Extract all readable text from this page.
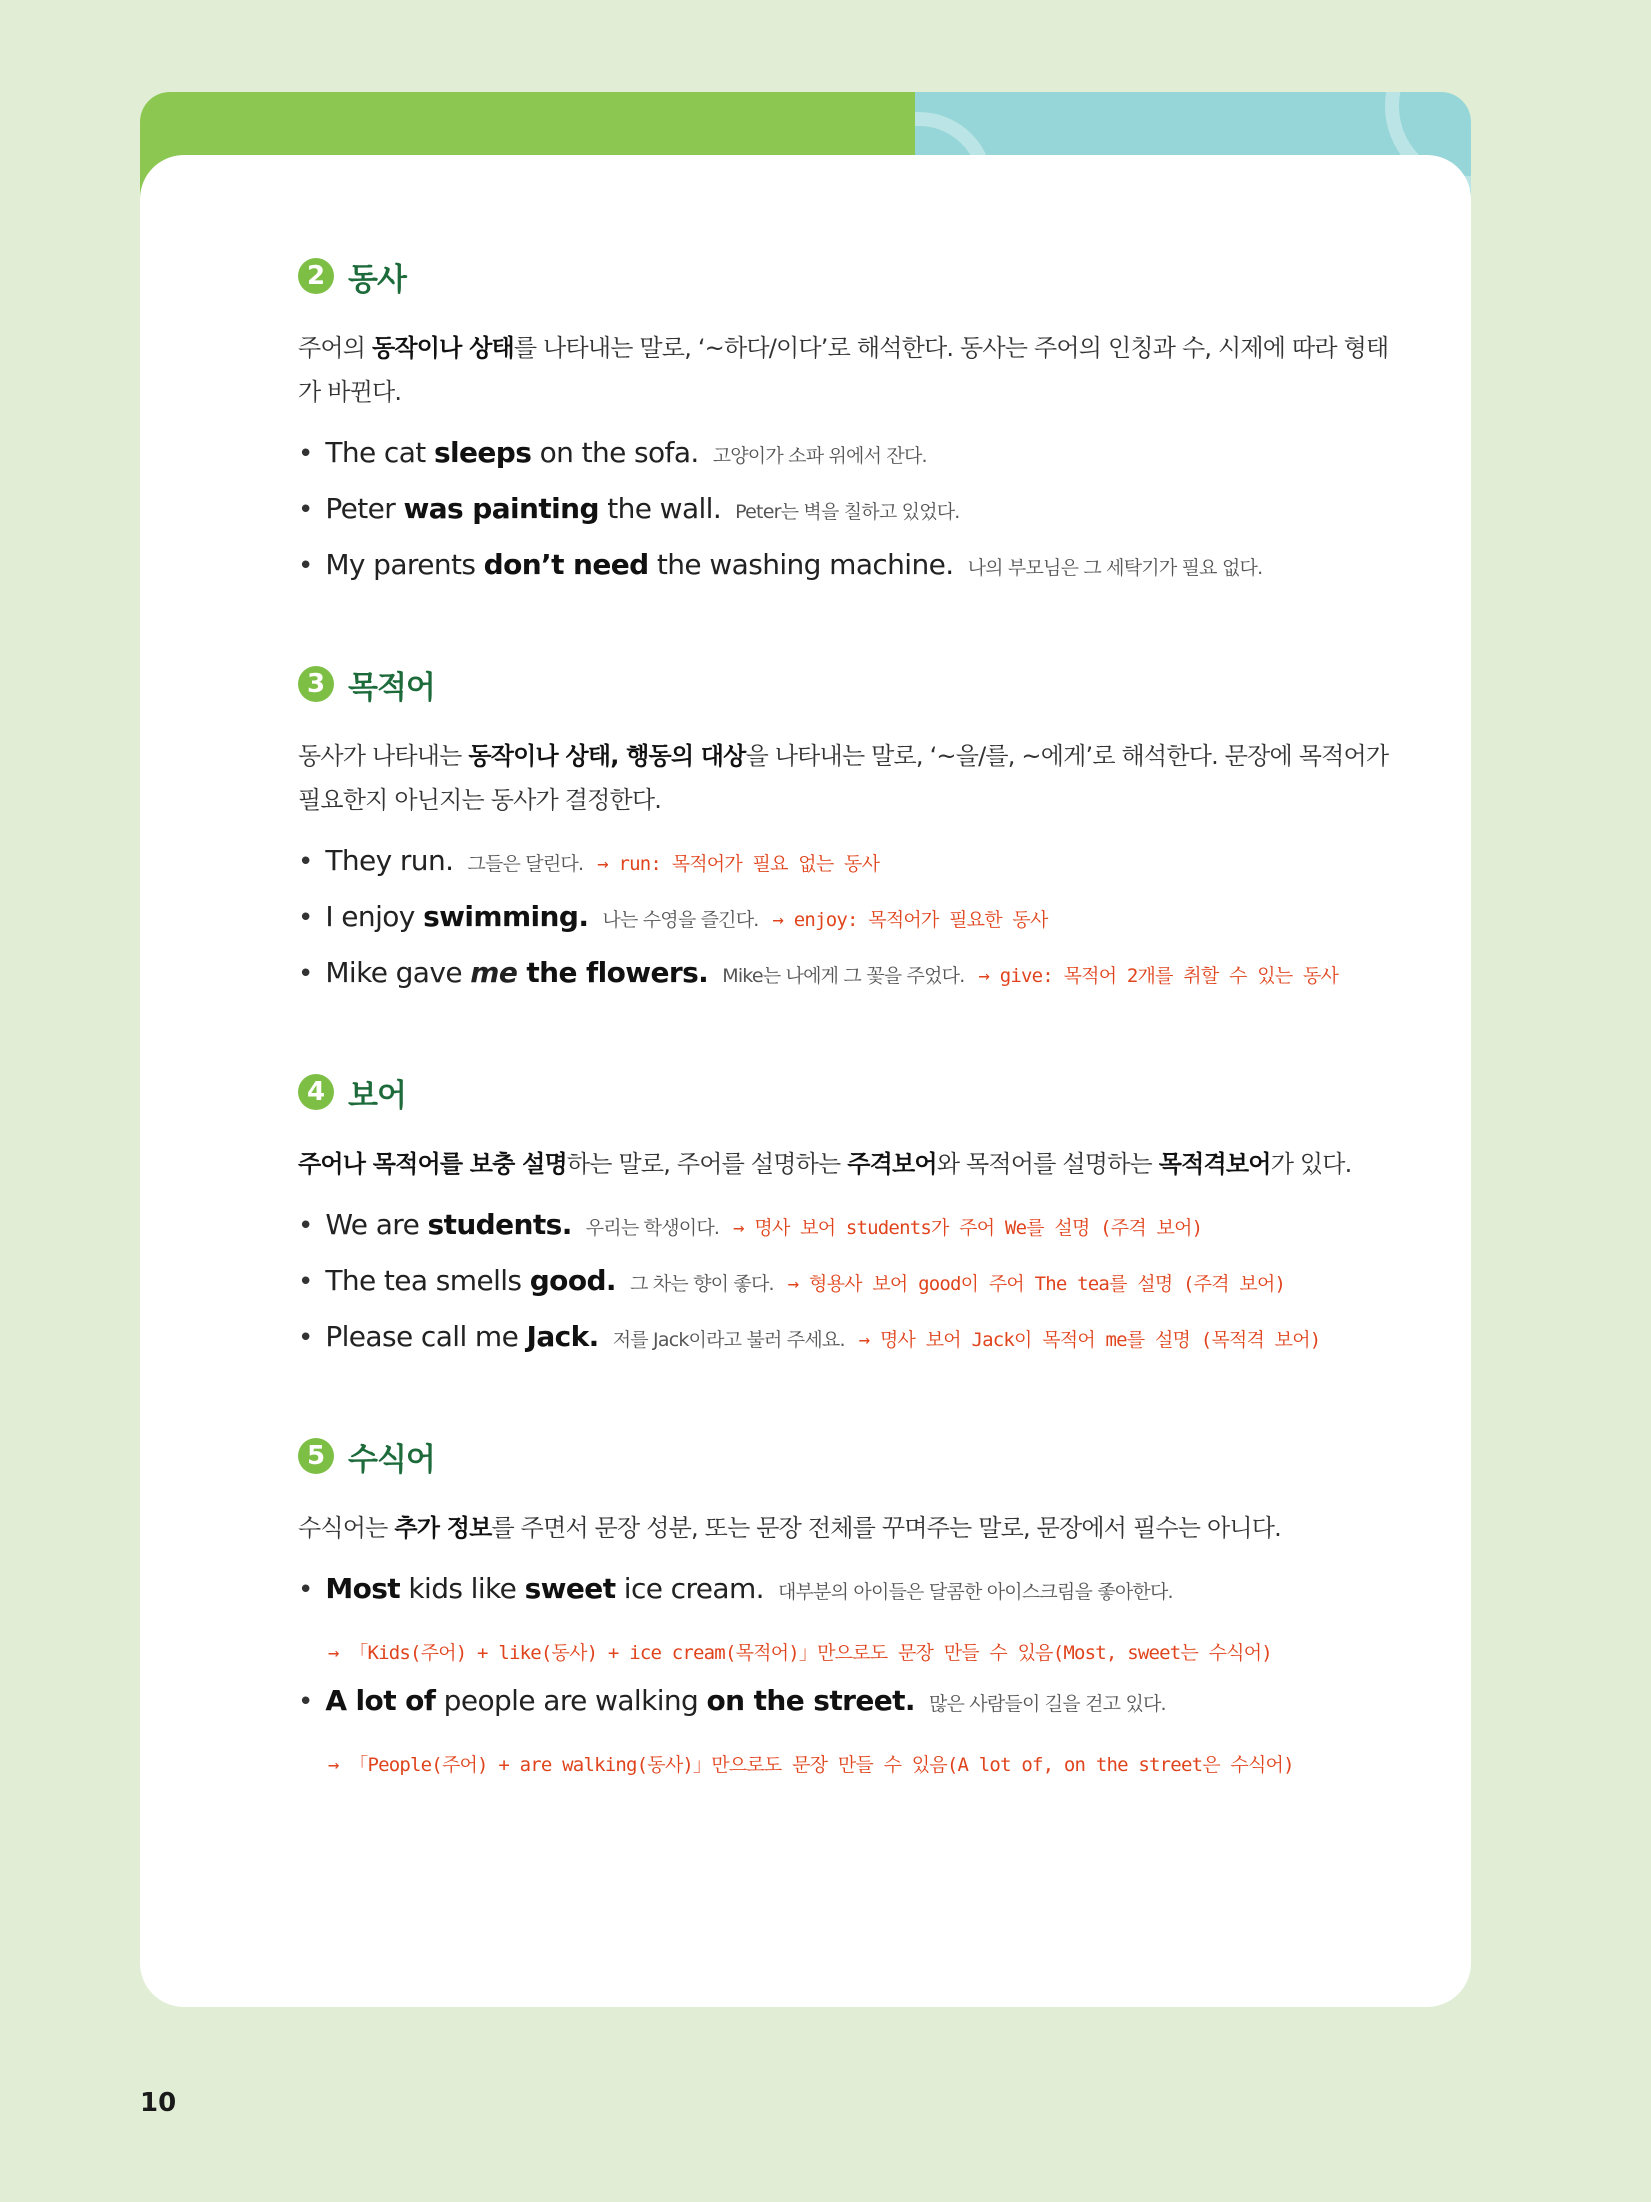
2 동사
주어의 동작이나 상태를 나타내는 말로, ‘~하다/이다’로 해석한다. 동사는 주어의 인칭과 수, 시제에 따라 형태가 바뀐다.
• The cat sleeps on the sofa. 고양이가 소파 위에서 잔다.
• Peter was painting the wall. Peter는 벽을 칠하고 있었다.
• My parents don’t need the washing machine. 나의 부모님은 그 세탁기가 필요 없다.
3 목적어
동사가 나타내는 동작이나 상태, 행동의 대상을 나타내는 말로, ‘~을/를, ~에게’로 해석한다. 문장에 목적어가 필요한지 아닌지는 동사가 결정한다.
• They run. 그들은 달린다. → run: 목적어가 필요 없는 동사
• I enjoy swimming. 나는 수영을 즐긴다. → enjoy: 목적어가 필요한 동사
• Mike gave me the flowers. Mike는 나에게 그 꽃을 주었다. → give: 목적어 2개를 취할 수 있는 동사
4 보어
주어나 목적어를 보충 설명하는 말로, 주어를 설명하는 주격보어와 목적어를 설명하는 목적격보어가 있다.
• We are students. 우리는 학생이다. → 명사 보어 students가 주어 We를 설명 (주격 보어)
• The tea smells good. 그 차는 향이 좋다. → 형용사 보어 good이 주어 The tea를 설명 (주격 보어)
• Please call me Jack. 저를 Jack이라고 불러 주세요. → 명사 보어 Jack이 목적어 me를 설명 (목적격 보어)
5 수식어
수식어는 추가 정보를 주면서 문장 성분, 또는 문장 전체를 꾸며주는 말로, 문장에서 필수는 아니다.
• Most kids like sweet ice cream. 대부분의 아이들은 달콤한 아이스크림을 좋아한다.
→ 「Kids(주어) + like(동사) + ice cream(목적어)」만으로도 문장 만들 수 있음(Most, sweet는 수식어)
• A lot of people are walking on the street. 많은 사람들이 길을 걷고 있다.
→ 「People(주어) + are walking(동사)」만으로도 문장 만들 수 있음(A lot of, on the street은 수식어)
10
